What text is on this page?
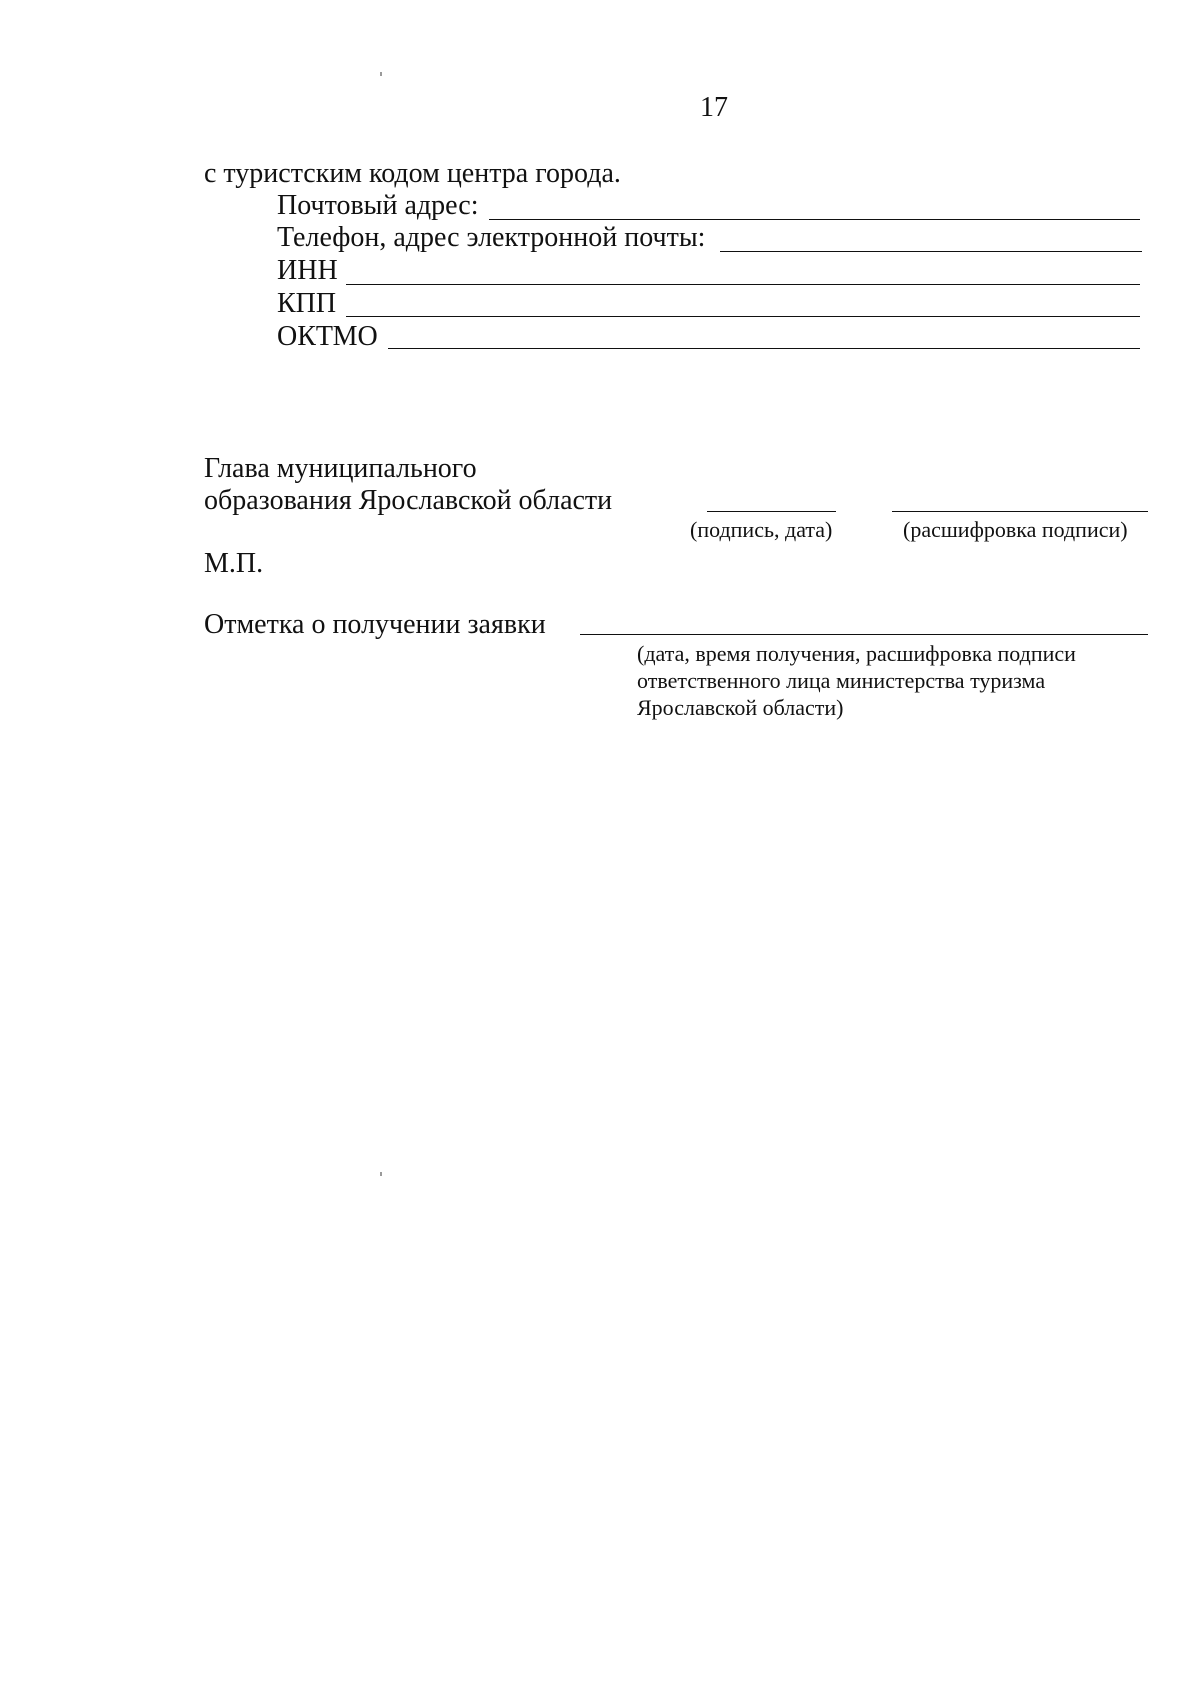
17
с туристским кодом центра города.
Почтовый адрес:
Телефон, адрес электронной почты:
ИНН
КПП
ОКТМО
Глава муниципального
образования Ярославской области
(подпись, дата)	(расшифровка подписи)
М.П.
Отметка о получении заявки
(дата, время получения, расшифровка подписи
ответственного лица министерства туризма
Ярославской области)
